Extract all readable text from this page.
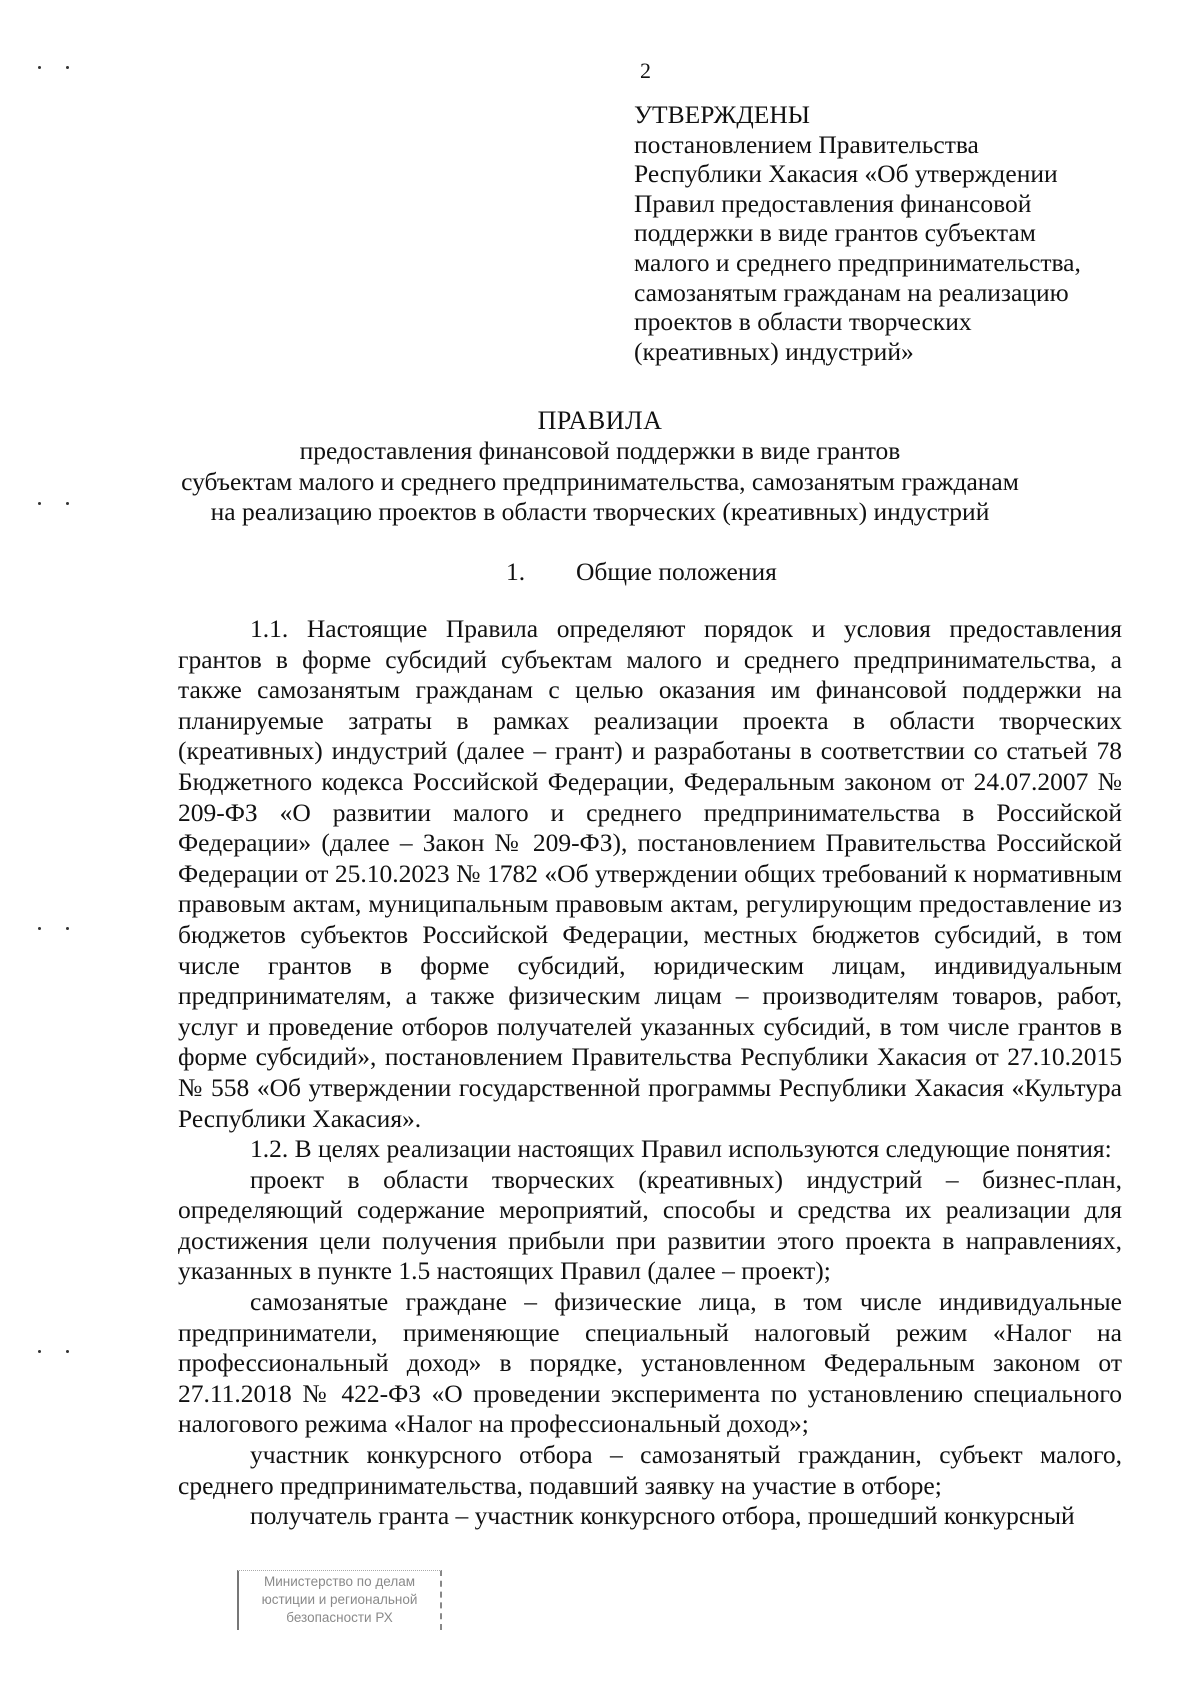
2
УТВЕРЖДЕНЫ
постановлением Правительства
Республики Хакасия «Об утверждении
Правил предоставления финансовой
поддержки в виде грантов субъектам
малого и среднего предпринимательства,
самозанятым гражданам на реализацию
проектов в области творческих
(креативных) индустрий»
ПРАВИЛА
предоставления финансовой поддержки в виде грантов
субъектам малого и среднего предпринимательства, самозанятым гражданам
на реализацию проектов в области творческих (креативных) индустрий
1. Общие положения

1.1. Настоящие Правила определяют порядок и условия предоставления грантов в форме субсидий субъектам малого и среднего предпринимательства, а также самозанятым гражданам с целью оказания им финансовой поддержки на планируемые затраты в рамках реализации проекта в области творческих (креативных) индустрий (далее – грант) и разработаны в соответствии со статьей 78 Бюджетного кодекса Российской Федерации, Федеральным законом от 24.07.2007 № 209-ФЗ «О развитии малого и среднего предпринимательства в Российской Федерации» (далее – Закон № 209-ФЗ), постановлением Правительства Российской Федерации от 25.10.2023 № 1782 «Об утверждении общих требований к нормативным правовым актам, муниципальным правовым актам, регулирующим предоставление из бюджетов субъектов Российской Федерации, местных бюджетов субсидий, в том числе грантов в форме субсидий, юридическим лицам, индивидуальным предпринимателям, а также физическим лицам – производителям товаров, работ, услуг и проведение отборов получателей указанных субсидий, в том числе грантов в форме субсидий», постановлением Правительства Республики Хакасия от 27.10.2015 № 558 «Об утверждении государственной программы Республики Хакасия «Культура Республики Хакасия».

1.2. В целях реализации настоящих Правил используются следующие понятия:

проект в области творческих (креативных) индустрий – бизнес-план, определяющий содержание мероприятий, способы и средства их реализации для достижения цели получения прибыли при развитии этого проекта в направлениях, указанных в пункте 1.5 настоящих Правил (далее – проект);

самозанятые граждане – физические лица, в том числе индивидуальные предприниматели, применяющие специальный налоговый режим «Налог на профессиональный доход» в порядке, установленном Федеральным законом от 27.11.2018 № 422-ФЗ «О проведении эксперимента по установлению специального налогового режима «Налог на профессиональный доход»;

участник конкурсного отбора – самозанятый гражданин, субъект малого, среднего предпринимательства, подавший заявку на участие в отборе;

получатель гранта – участник конкурсного отбора, прошедший конкурсный

Министерство по делам
юстиции и региональной
безопасности РХ
